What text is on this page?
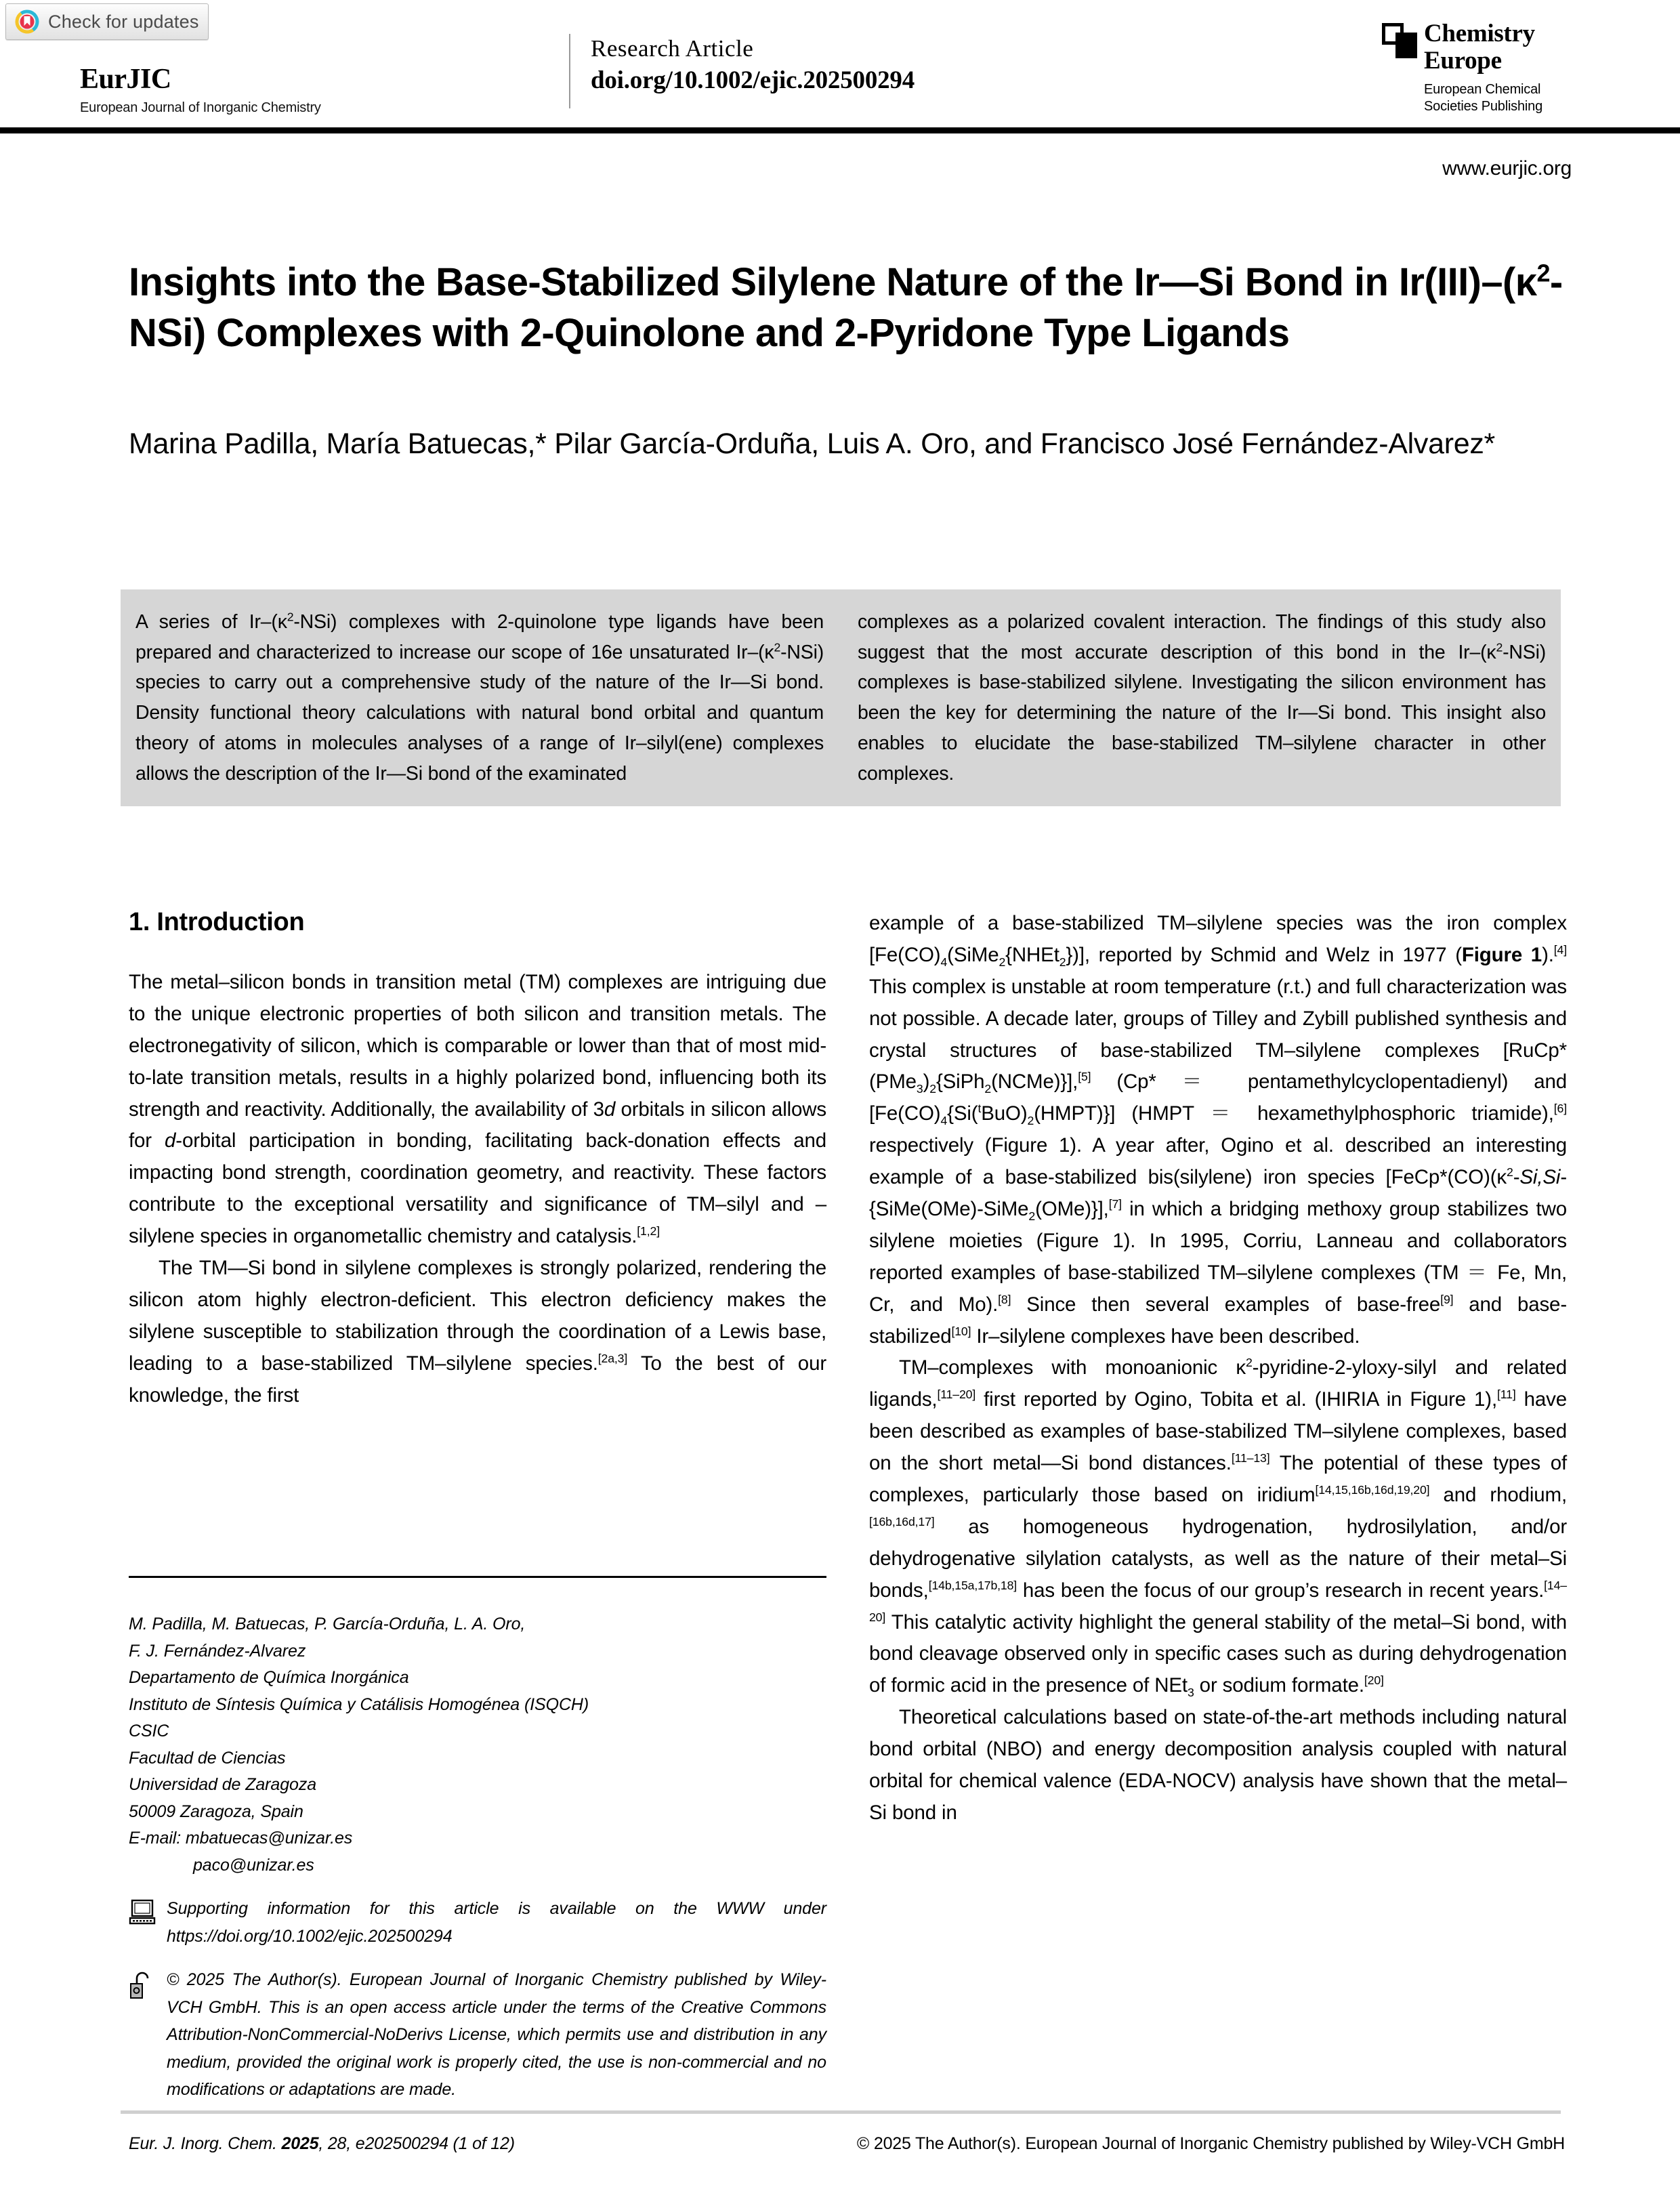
Check for updates
EurJIC
European Journal of Inorganic Chemistry
Research Article
doi.org/10.1002/ejic.202500294
Chemistry
Europe
European Chemical
Societies Publishing
www.eurjic.org
Insights into the Base-Stabilized Silylene Nature of the Ir—Si Bond in $Ir(III)-(\kappa^2-NSi)$ Complexes with 2-Quinolone and 2-Pyridone Type Ligands
Marina Padilla, María Batuecas,* Pilar García-Orduña, Luis A. Oro, and Francisco José Fernández-Alvarez*
A series of $Ir-(\kappa^2-NSi)$ complexes with 2-quinolone type ligands have been prepared and characterized to increase our scope of 16e unsaturated $Ir-(\kappa^2-NSi)$ species to carry out a comprehensive study of the nature of the Ir—Si bond. Density functional theory calculations with natural bond orbital and quantum theory of atoms in molecules analyses of a range of Ir–silyl(ene) complexes allows the description of the Ir—Si bond of the examinated
complexes as a polarized covalent interaction. The findings of this study also suggest that the most accurate description of this bond in the $Ir-(\kappa^2-NSi)$ complexes is base-stabilized silylene. Investigating the silicon environment has been the key for determining the nature of the Ir—Si bond. This insight also enables to elucidate the base-stabilized TM–silylene character in other complexes.
1. Introduction

The metal–silicon bonds in transition metal (TM) complexes are intriguing due to the unique electronic properties of both silicon and transition metals. The electronegativity of silicon, which is comparable or lower than that of most mid-to-late transition metals, results in a highly polarized bond, influencing both its strength and reactivity. Additionally, the availability of 3d orbitals in silicon allows for d-orbital participation in bonding, facilitating back-donation effects and impacting bond strength, coordination geometry, and reactivity. These factors contribute to the exceptional versatility and significance of TM–silyl and –silylene species in organometallic chemistry and catalysis.[1,2]

The TM—Si bond in silylene complexes is strongly polarized, rendering the silicon atom highly electron-deficient. This electron deficiency makes the silylene susceptible to stabilization through the coordination of a Lewis base, leading to a base-stabilized TM–silylene species.[2a,3] To the best of our knowledge, the first

example of a base-stabilized TM–silylene species was the iron complex $[Fe(CO)_4(SiMe_2\{NHEt_2\})]$, reported by Schmid and Welz in 1977 (Figure 1).[4] This complex is unstable at room temperature (r.t.) and full characterization was not possible. A decade later, groups of Tilley and Zybill published synthesis and crystal structures of base-stabilized TM–silylene complexes $[RuCp*(PMe_3)_2\{SiPh_2(NCMe)\}],[5]$ (Cp* ＝ pentamethylcyclopentadienyl) and $[Fe(CO)_4\{Si(^tBuO)_2(HMPT)\}]$ (HMPT ＝ hexamethylphosphoric triamide),[6] respectively (Figure 1). A year after, Ogino et al. described an interesting example of a base-stabilized bis(silylene) iron species [$FeCp*(CO)(\kappa^2-Si,Si-\{SiMe(OMe)-SiMe_2(OMe)\}],[7]$ in which a bridging methoxy group stabilizes two silylene moieties (Figure 1). In 1995, Corriu, Lanneau and collaborators reported examples of base-stabilized TM–silylene complexes (TM ＝ Fe, Mn, Cr, and Mo).[8] Since then several examples of base-free[9] and base-stabilized[10] Ir–silylene complexes have been described.

TM–complexes with monoanionic $\kappa^2-pyridine-2-yloxy$-silyl and related ligands,[11–20] first reported by Ogino, Tobita et al. (IHIRIA in Figure 1),[11] have been described as examples of base-stabilized TM–silylene complexes, based on the short metal—Si bond distances.[11–13] The potential of these types of complexes, particularly those based on iridium[14,15,16b,16d,19,20] and rhodium,[16b,16d,17] as homogeneous hydrogenation, hydrosilylation, and/or dehydrogenative silylation catalysts, as well as the nature of their metal–Si bonds,[14b,15a,17b,18] has been the focus of our group’s research in recent years.[14–20] This catalytic activity highlight the general stability of the metal–Si bond, with bond cleavage observed only in specific cases such as during dehydrogenation of formic acid in the presence of NEt$_3$ or sodium formate.[20]

Theoretical calculations based on state-of-the-art methods including natural bond orbital (NBO) and energy decomposition analysis coupled with natural orbital for chemical valence (EDA-NOCV) analysis have shown that the metal–Si bond in

M. Padilla, M. Batuecas, P. García-Orduña, L. A. Oro,
F. J. Fernández-Alvarez
Departamento de Química Inorgánica
Instituto de Síntesis Química y Catálisis Homogénea (ISQCH)
CSIC
Facultad de Ciencias
Universidad de Zaragoza
50009 Zaragoza, Spain
E-mail: mbatuecas@unizar.es
paco@unizar.es
Supporting information for this article is available on the WWW under https://doi.org/10.1002/ejic.202500294
© 2025 The Author(s). European Journal of Inorganic Chemistry published by Wiley-VCH GmbH. This is an open access article under the terms of the Creative Commons Attribution-NonCommercial-NoDerivs License, which permits use and distribution in any medium, provided the original work is properly cited, the use is non-commercial and no modifications or adaptations are made.
Eur. J. Inorg. Chem. 2025, 28, e202500294 (1 of 12)	© 2025 The Author(s). European Journal of Inorganic Chemistry published by Wiley-VCH GmbH
